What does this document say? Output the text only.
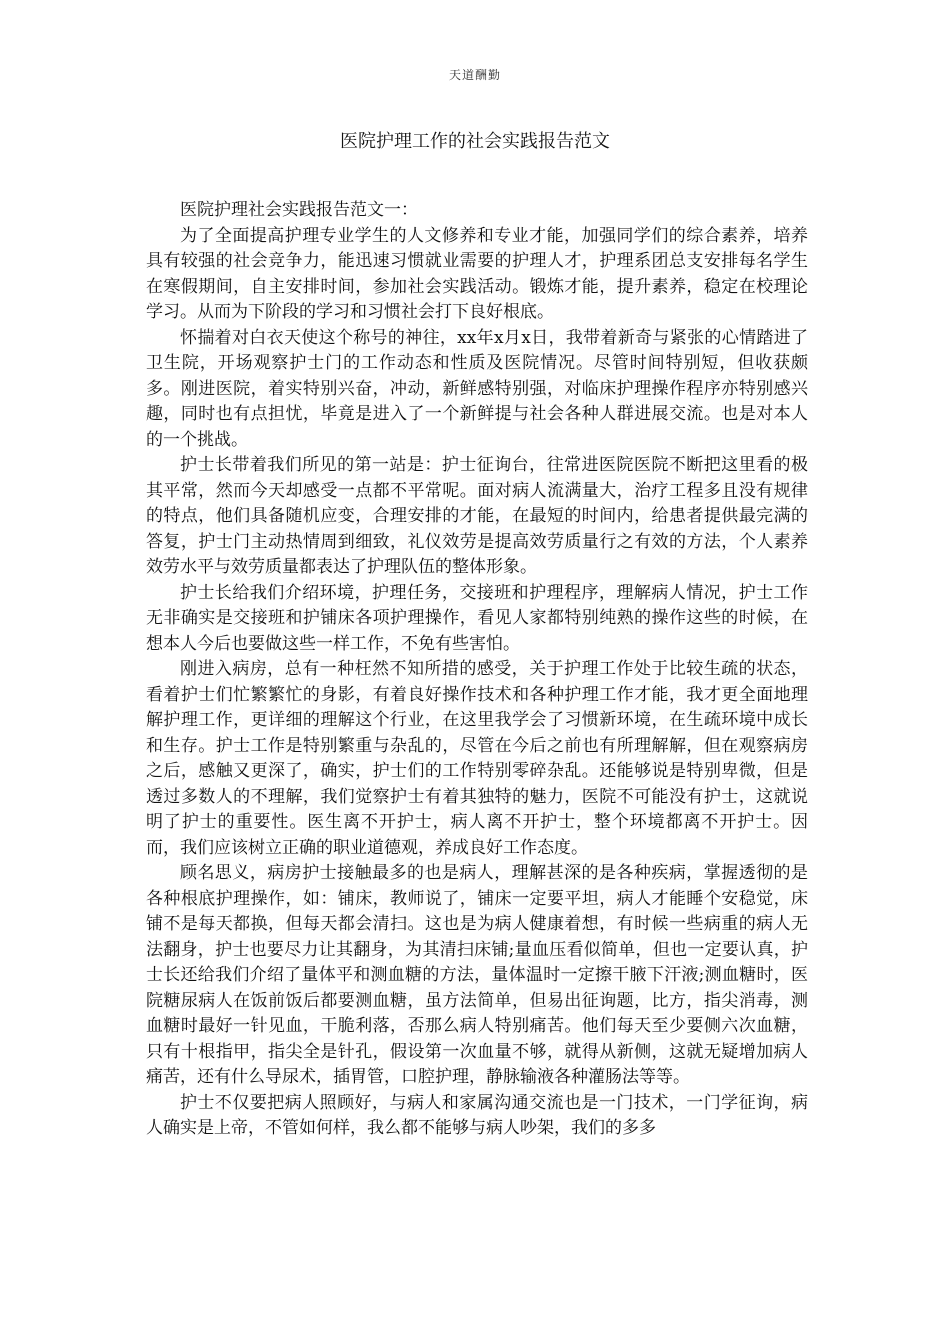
天道酬勤
医院护理工作的社会实践报告范文

医院护理社会实践报告范文一：

为了全面提高护理专业学生的人文修养和专业才能，加强同学们的综合素养，培养具有较强的社会竞争力，能迅速习惯就业需要的护理人才，护理系团总支安排每名学生在寒假期间，自主安排时间，参加社会实践活动。锻炼才能，提升素养，稳定在校理论学习。从而为下阶段的学习和习惯社会打下良好根底。

怀揣着对白衣天使这个称号的神往，xx年x月x日，我带着新奇与紧张的心情踏进了卫生院，开场观察护士门的工作动态和性质及医院情况。尽管时间特别短，但收获颇多。刚进医院，着实特别兴奋，冲动，新鲜感特别强，对临床护理操作程序亦特别感兴趣，同时也有点担忧，毕竟是进入了一个新鲜提与社会各种人群进展交流。也是对本人的一个挑战。

护士长带着我们所见的第一站是：护士征询台，往常进医院医院不断把这里看的极其平常，然而今天却感受一点都不平常呢。面对病人流满量大，治疗工程多且没有规律的特点，他们具备随机应变，合理安排的才能，在最短的时间内，给患者提供最完满的答复，护士门主动热情周到细致，礼仪效劳是提高效劳质量行之有效的方法，个人素养效劳水平与效劳质量都表达了护理队伍的整体形象。

护士长给我们介绍环境，护理任务，交接班和护理程序，理解病人情况，护士工作无非确实是交接班和护铺床各项护理操作，看见人家都特别纯熟的操作这些的时候，在想本人今后也要做这些一样工作，不免有些害怕。

刚进入病房，总有一种枉然不知所措的感受，关于护理工作处于比较生疏的状态，看着护士们忙繁繁忙的身影，有着良好操作技术和各种护理工作才能，我才更全面地理解护理工作，更详细的理解这个行业，在这里我学会了习惯新环境，在生疏环境中成长和生存。护士工作是特别繁重与杂乱的，尽管在今后之前也有所理解解，但在观察病房之后，感触又更深了，确实，护士们的工作特别零碎杂乱。还能够说是特别卑微，但是透过多数人的不理解，我们觉察护士有着其独特的魅力，医院不可能没有护士，这就说明了护士的重要性。医生离不开护士，病人离不开护士，整个环境都离不开护士。因而，我们应该树立正确的职业道德观，养成良好工作态度。

顾名思义，病房护士接触最多的也是病人，理解甚深的是各种疾病，掌握透彻的是各种根底护理操作，如：铺床，教师说了，铺床一定要平坦，病人才能睡个安稳觉，床铺不是每天都换，但每天都会清扫。这也是为病人健康着想，有时候一些病重的病人无法翻身，护士也要尽力让其翻身，为其清扫床铺;量血压看似简单，但也一定要认真，护士长还给我们介绍了量体平和测血糖的方法，量体温时一定擦干腋下汗液;测血糖时，医院糖尿病人在饭前饭后都要测血糖，虽方法简单，但易出征询题，比方，指尖消毒，测血糖时最好一针见血，干脆利落，否那么病人特别痛苦。他们每天至少要侧六次血糖，只有十根指甲，指尖全是针孔，假设第一次血量不够，就得从新侧，这就无疑增加病人痛苦，还有什么导尿术，插胃管，口腔护理，静脉输液各种灌肠法等等。

护士不仅要把病人照顾好，与病人和家属沟通交流也是一门技术，一门学征询，病人确实是上帝，不管如何样，我么都不能够与病人吵架，我们的多多
